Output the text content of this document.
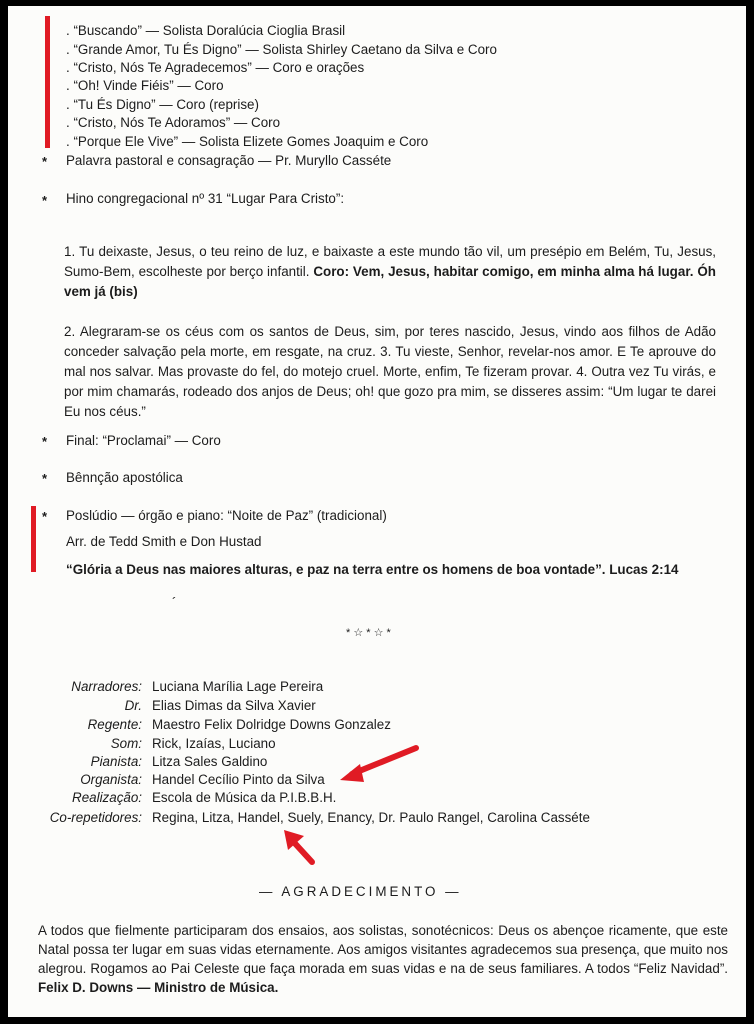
. “Buscando” — Solista Doralúcia Cioglia Brasil
. “Grande Amor, Tu És Digno” — Solista Shirley Caetano da Silva e Coro
. “Cristo, Nós Te Agradecemos” — Coro e orações
. “Oh! Vinde Fiéis” — Coro
. “Tu És Digno” — Coro (reprise)
. “Cristo, Nós Te Adoramos” — Coro
. “Porque Ele Vive” — Solista Elizete Gomes Joaquim e Coro
* Palavra pastoral e consagração — Pr. Muryllo Casséte
* Hino congregacional nº 31 “Lugar Para Cristo”:
1. Tu deixaste, Jesus, o teu reino de luz, e baixaste a este mundo tão vil, um presépio em Belém, Tu, Jesus, Sumo-Bem, escolheste por berço infantil. Coro: Vem, Jesus, habitar comigo, em minha alma há lugar. Óh vem já (bis)
2. Alegraram-se os céus com os santos de Deus, sim, por teres nascido, Jesus, vindo aos filhos de Adão conceder salvação pela morte, em resgate, na cruz. 3. Tu vieste, Senhor, revelar-nos amor. E Te aprouve do mal nos salvar. Mas provaste do fel, do motejo cruel. Morte, enfim, Te fizeram provar. 4. Outra vez Tu virás, e por mim chamarás, rodeado dos anjos de Deus; oh! que gozo pra mim, se disseres assim: “Um lugar te darei Eu nos céus.”
* Final: “Proclamai” — Coro
* Bênnção apostólica
* Poslúdio — órgão e piano: “Noite de Paz” (tradicional)
Arr. de Tedd Smith e Don Hustad
“Glória a Deus nas maiores alturas, e paz na terra entre os homens de boa vontade”. Lucas 2:14
´
* ☆ * ☆ *
Narradores: Luciana Marília Lage Pereira
Dr. Elias Dimas da Silva Xavier
Regente: Maestro Felix Dolridge Downs Gonzalez
Som: Rick, Izaías, Luciano
Pianista: Litza Sales Galdino
Organista: Handel Cecílio Pinto da Silva
Realização: Escola de Música da P.I.B.B.H.
Co-repetidores: Regina, Litza, Handel, Suely, Enancy, Dr. Paulo Rangel, Carolina Casséte
— AGRADECIMENTO —
A todos que fielmente participaram dos ensaios, aos solistas, sonotécnicos: Deus os abençoe ricamente, que este Natal possa ter lugar em suas vidas eternamente. Aos amigos visitantes agradecemos sua presença, que muito nos alegrou. Rogamos ao Pai Celeste que faça morada em suas vidas e na de seus familiares. A todos “Feliz Navidad”. Felix D. Downs — Ministro de Música.
